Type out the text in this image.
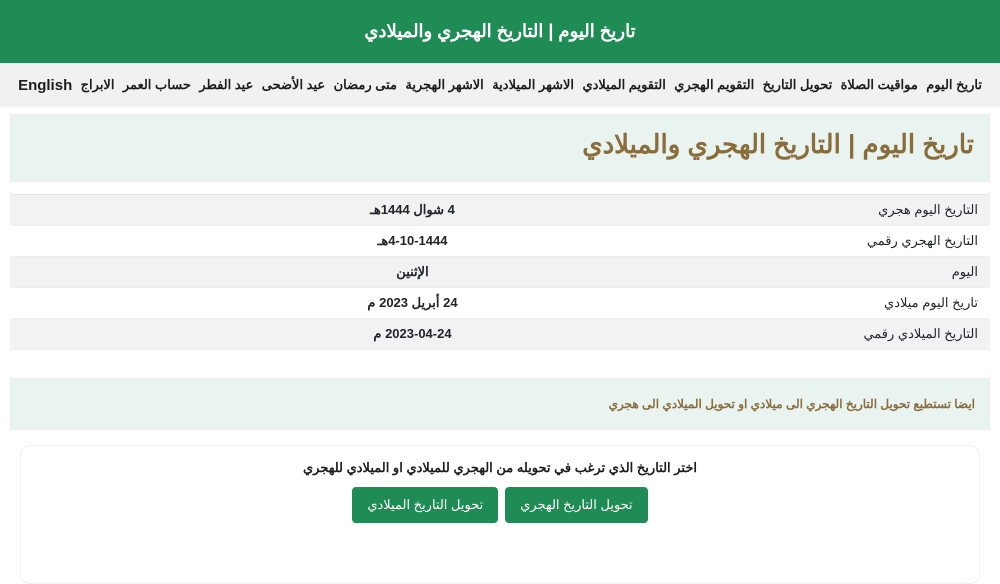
تاريخ اليوم | التاريخ الهجري والميلادي
تاريخ اليوم
مواقيت الصلاة
تحويل التاريخ
التقويم الهجري
التقويم الميلادي
الاشهر الميلادية
الاشهر الهجرية
متى رمضان
عيد الأضحى
عيد الفطر
حساب العمر
الابراج
English
تاريخ اليوم | التاريخ الهجري والميلادي
التاريخ اليوم هجري
4 شوال 1444هـ
التاريخ الهجري رقمي
4-10-1444هـ
اليوم
الإثنين
تاريخ اليوم ميلادي
24 أبريل 2023 م
التاريخ الميلادي رقمي
2023-04-24 م

ايضا تستطيع تحويل التاريخ الهجري الى ميلادي او تحويل الميلادي الى هجري

اختر التاريخ الذي ترغب في تحويله من الهجري للميلادي او الميلادي للهجري

تحويل التاريخ الهجري
تحويل التاريخ الميلادي
